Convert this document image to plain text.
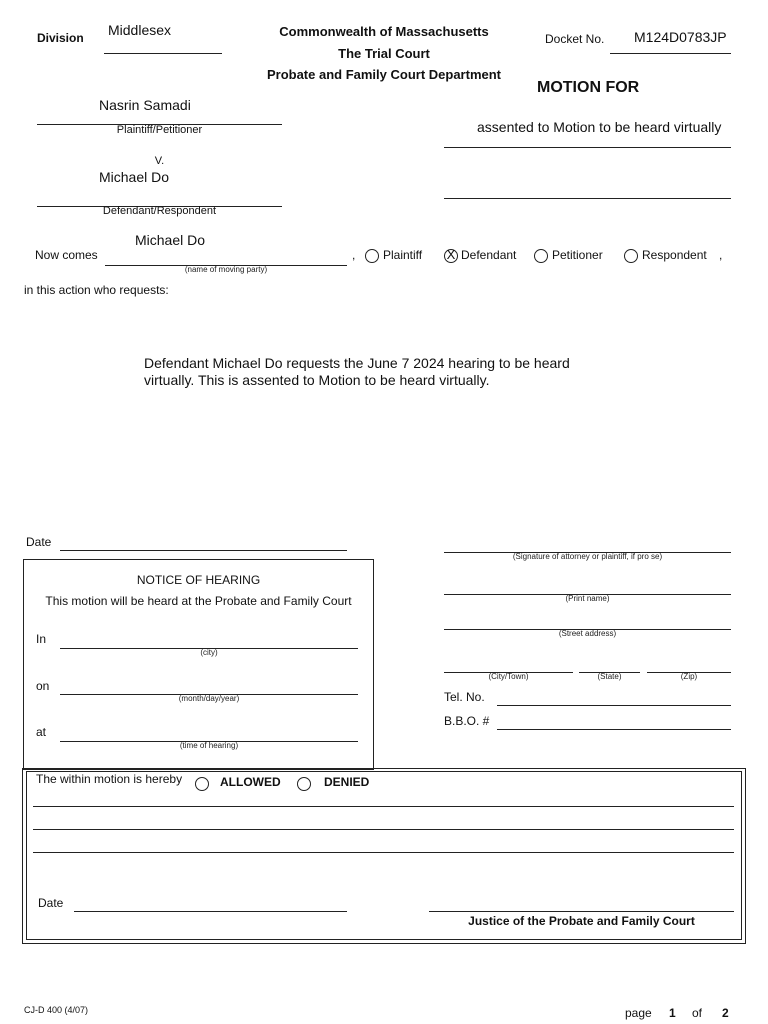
Division Middlesex	Commonwealth of Massachusetts
The Trial Court
Probate and Family Court Department
Docket No. M124D0783JP
MOTION FOR
assented to Motion to be heard virtually
Nasrin Samadi
Plaintiff/Petitioner
V.
Michael Do
Defendant/Respondent
Now comes
Michael Do
(name of moving party)
, Plaintiff X Defendant	Petitioner	Respondent ,
in this action who requests:
Defendant Michael Do requests the June 7 2024 hearing to be heard
virtually. This is assented to Motion to be heard virtually.
Date
(Signature of attorney or plaintiff, if pro se)
(Print name)
(Street address)
(City/Town)	(State)	(Zip)
Tel. No.
B.B.O. #
NOTICE OF HEARING
This motion will be heard at the Probate and Family Court
In
(city)
on
(month/day/year)
at
(time of hearing)
The within motion is hereby	ALLOWED	DENIED
Date
Justice of the Probate and Family Court
CJ-D 400 (4/07)	page 1 of 2
